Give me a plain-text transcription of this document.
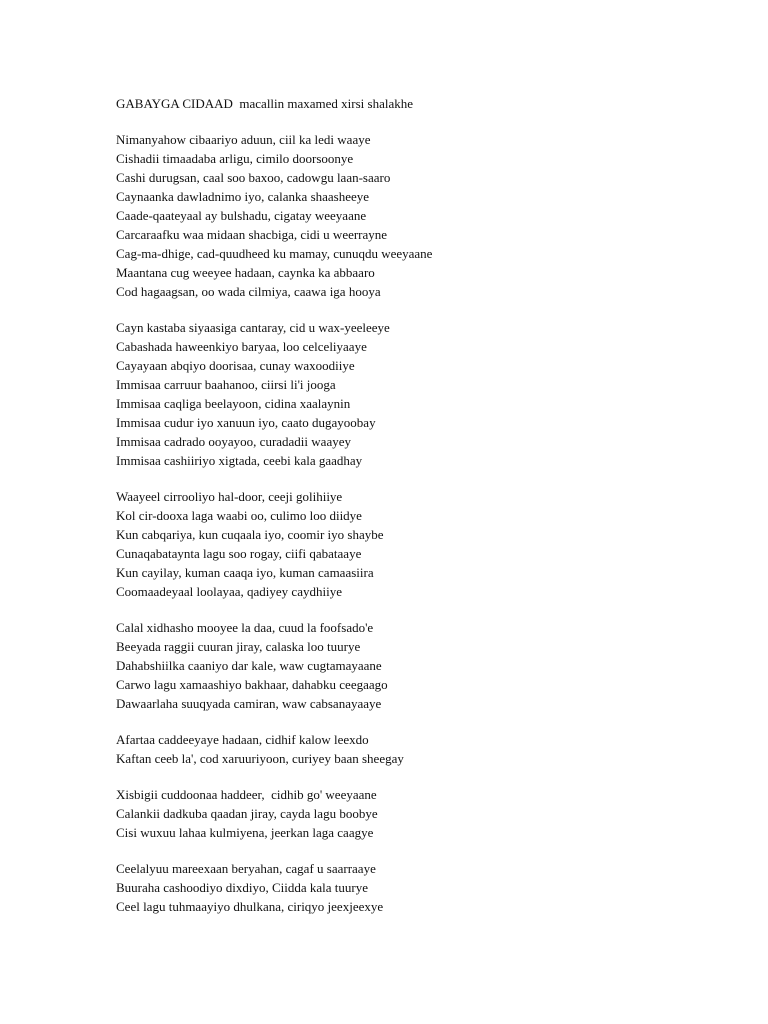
GABAYGA CIDAAD  macallin maxamed xirsi shalakhe
Nimanyahow cibaariyo aduun, ciil ka ledi waaye
Cishadii timaadaba arligu, cimilo doorsoonye
Cashi durugsan, caal soo baxoo, cadowgu laan-saaro
Caynaanka dawladnimo iyo, calanka shaasheeye
Caade-qaateyaal ay bulshadu, cigatay weeyaane
Carcaraafku waa midaan shacbiga, cidi u weerrayne
Cag-ma-dhige, cad-quudheed ku mamay, cunuqdu weeyaane
Maantana cug weeyee hadaan, caynka ka abbaaro
Cod hagaagsan, oo wada cilmiya, caawa iga hooya
Cayn kastaba siyaasiga cantaray, cid u wax-yeeleeye
Cabashada haweenkiyo baryaa, loo celceliyaaye
Cayayaan abqiyo doorisaa, cunay waxoodiiye
Immisaa carruur baahanoo, ciirsi li'i jooga
Immisaa caqliga beelayoon, cidina xaalaynin
Immisaa cudur iyo xanuun iyo, caato dugayoobay
Immisaa cadrado ooyayoo, curadadii waayey
Immisaa cashiiriyo xigtada, ceebi kala gaadhay
Waayeel cirrooliyo hal-door, ceeji golihiiye
Kol cir-dooxa laga waabi oo, culimo loo diidye
Kun cabqariya, kun cuqaala iyo, coomir iyo shaybe
Cunaqabataynta lagu soo rogay, ciifi qabataaye
Kun cayilay, kuman caaqa iyo, kuman camaasiira
Coomaadeyaal loolayaa, qadiyey caydhiiye
Calal xidhasho mooyee la daa, cuud la foofsado'e
Beeyada raggii cuuran jiray, calaska loo tuurye
Dahabshiilka caaniyo dar kale, waw cugtamayaane
Carwo lagu xamaashiyo bakhaar, dahabku ceegaago
Dawaarlaha suuqyada camiran, waw cabsanayaaye
Afartaa caddeeyaye hadaan, cidhif kalow leexdo
Kaftan ceeb la', cod xaruuriyoon, curiyey baan sheegay
Xisbigii cuddoonaa haddeer,  cidhib go' weeyaane
Calankii dadkuba qaadan jiray, cayda lagu boobye
Cisi wuxuu lahaa kulmiyena, jeerkan laga caagye
Ceelalyuu mareexaan beryahan, cagaf u saarraaye
Buuraha cashoodiyo dixdiyo, Ciidda kala tuurye
Ceel lagu tuhmaayiyo dhulkana, ciriqyo jeexjeexye
